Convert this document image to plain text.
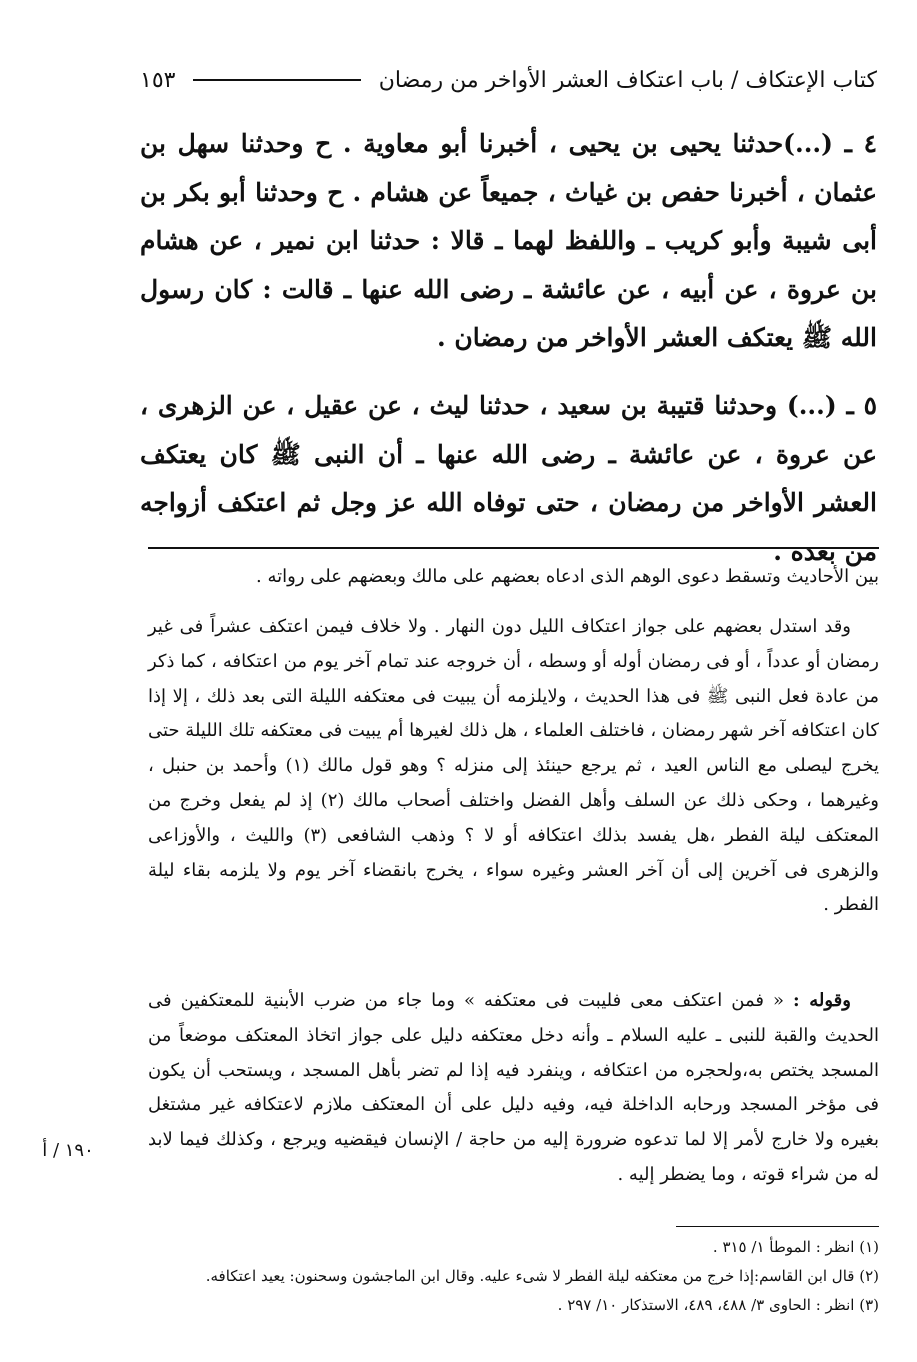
كتاب الإعتكاف / باب اعتكاف العشر الأواخر من رمضان
١٥٣
٤ ـ (...)حدثنا يحيى بن يحيى ، أخبرنا أبو معاوية . ح وحدثنا سهل بن عثمان ، أخبرنا حفص بن غياث ، جميعاً عن هشام . ح وحدثنا أبو بكر بن أبى شيبة وأبو كريب ـ واللفظ لهما ـ قالا : حدثنا ابن نمير ، عن هشام بن عروة ، عن أبيه ، عن عائشة ـ رضى الله عنها ـ قالت : كان رسول الله ﷺ يعتكف العشر الأواخر من رمضان .
٥ ـ (...) وحدثنا قتيبة بن سعيد ، حدثنا ليث ، عن عقيل ، عن الزهرى ، عن عروة ، عن عائشة ـ رضى الله عنها ـ أن النبى ﷺ كان يعتكف العشر الأواخر من رمضان ، حتى توفاه الله عز وجل ثم اعتكف أزواجه من بعده .
بين الأحاديث وتسقط دعوى الوهم الذى ادعاه بعضهم على مالك وبعضهم على رواته .
وقد استدل بعضهم على جواز اعتكاف الليل دون النهار . ولا خلاف فيمن اعتكف عشراً فى غير رمضان أو عدداً ، أو فى رمضان أوله أو وسطه ، أن خروجه عند تمام آخر يوم من اعتكافه ، كما ذكر من عادة فعل النبى ﷺ فى هذا الحديث ، ولايلزمه أن يبيت فى معتكفه الليلة التى بعد ذلك ، إلا إذا كان اعتكافه آخر شهر رمضان ، فاختلف العلماء ، هل ذلك لغيرها أم يبيت فى معتكفه تلك الليلة حتى يخرج ليصلى مع الناس العيد ، ثم يرجع حينئذ إلى منزله ؟ وهو قول مالك (١) وأحمد بن حنبل ، وغيرهما ، وحكى ذلك عن السلف وأهل الفضل واختلف أصحاب مالك (٢) إذ لم يفعل وخرج من المعتكف ليلة الفطر ،هل يفسد بذلك اعتكافه أو لا ؟ وذهب الشافعى (٣) والليث ، والأوزاعى والزهرى فى آخرين إلى أن آخر العشر وغيره سواء ، يخرج بانقضاء آخر يوم ولا يلزمه بقاء ليلة الفطر .
وقوله : « فمن اعتكف معى فليبت فى معتكفه » وما جاء من ضرب الأبنية للمعتكفين فى الحديث والقبة للنبى ـ عليه السلام ـ وأنه دخل معتكفه دليل على جواز اتخاذ المعتكف موضعاً من المسجد يختص به،ولحجره من اعتكافه ، وينفرد فيه إذا لم تضر بأهل المسجد ، ويستحب أن يكون فى مؤخر المسجد ورحابه الداخلة فيه، وفيه دليل على أن المعتكف ملازم لاعتكافه غير مشتغل بغيره ولا خارج لأمر إلا لما تدعوه ضرورة إليه من حاجة / الإنسان فيقضيه ويرجع ، وكذلك فيما لابد له من شراء قوته ، وما يضطر إليه .
١٩٠ / أ
(١) انظر : الموطأ ١/ ٣١٥ .
(٢) قال ابن القاسم:إذا خرج من معتكفه ليلة الفطر لا شىء عليه. وقال ابن الماجشون وسحنون: يعيد اعتكافه.
(٣) انظر : الحاوى ٣/ ٤٨٨، ٤٨٩، الاستذكار ١٠/ ٢٩٧ .
